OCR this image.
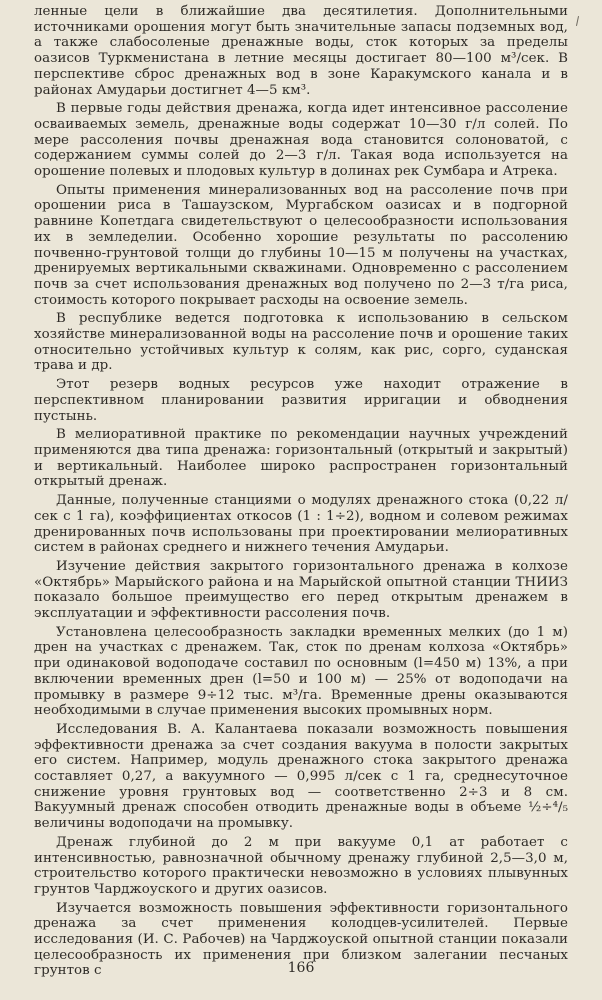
ленные цели в ближайшие два десятилетия. Дополнительными источниками орошения могут быть значительные запасы подземных вод, а также слабосоленые дренажные воды, сток которых за пределы оазисов Туркменистана в летние месяцы достигает 80—100 м³/сек. В перспективе сброс дренажных вод в зоне Каракумского канала и в районах Амударьи достигнет 4—5 км³.

В первые годы действия дренажа, когда идет интенсивное рассоление осваиваемых земель, дренажные воды содержат 10—30 г/л солей. По мере рассоления почвы дренажная вода становится солоноватой, с содержанием суммы солей до 2—3 г/л. Такая вода используется на орошение полевых и плодовых культур в долинах рек Сумбара и Атрека.

Опыты применения минерализованных вод на рассоление почв при орошении риса в Ташаузском, Мургабском оазисах и в подгорной равнине Копетдага свидетельствуют о целесообразности использования их в земледелии. Особенно хорошие результаты по рассолению почвенно-грунтовой толщи до глубины 10—15 м получены на участках, дренируемых вертикальными скважинами. Одновременно с рассолением почв за счет использования дренажных вод получено по 2—3 т/га риса, стоимость которого покрывает расходы на освоение земель.

В республике ведется подготовка к использованию в сельском хозяйстве минерализованной воды на рассоление почв и орошение таких относительно устойчивых культур к солям, как рис, сорго, суданская трава и др.

Этот резерв водных ресурсов уже находит отражение в перспективном планировании развития ирригации и обводнения пустынь.

В мелиоративной практике по рекомендации научных учреждений применяются два типа дренажа: горизонтальный (открытый и закрытый) и вертикальный. Наиболее широко распространен горизонтальный открытый дренаж.

Данные, полученные станциями о модулях дренажного стока (0,22 л/сек с 1 га), коэффициентах откосов (1 : 1÷2), водном и солевом режимах дренированных почв использованы при проектировании мелиоративных систем в районах среднего и нижнего течения Амударьи.

Изучение действия закрытого горизонтального дренажа в колхозе «Октябрь» Марыйского района и на Марыйской опытной станции ТНИИЗ показало большое преимущество его перед открытым дренажем в эксплуатации и эффективности рассоления почв.

Установлена целесообразность закладки временных мелких (до 1 м) дрен на участках с дренажем. Так, сток по дренам колхоза «Октябрь» при одинаковой водоподаче составил по основным (l=450 м) 13%, а при включении временных дрен (l=50 и 100 м) — 25% от водоподачи на промывку в размере 9÷12 тыс. м³/га. Временные дрены оказываются необходимыми в случае применения высоких промывных норм.

Исследования В. А. Калантаева показали возможность повышения эффективности дренажа за счет создания вакуума в полости закрытых его систем. Например, модуль дренажного стока закрытого дренажа составляет 0,27, а вакуумного — 0,995 л/сек с 1 га, среднесуточное снижение уровня грунтовых вод — соответственно 2÷3 и 8 см. Вакуумный дренаж способен отводить дренажные воды в объеме ½÷⁴/₅ величины водоподачи на промывку.

Дренаж глубиной до 2 м при вакууме 0,1 ат работает с интенсивностью, равнозначной обычному дренажу глубиной 2,5—3,0 м, строительство которого практически невозможно в условиях плывунных грунтов Чарджоуского и других оазисов.

Изучается возможность повышения эффективности горизонтального дренажа за счет применения колодцев-усилителей. Первые исследования (И. С. Рабочев) на Чарджоуской опытной станции показали целесообразность их применения при близком залегании песчаных грунтов с	166
